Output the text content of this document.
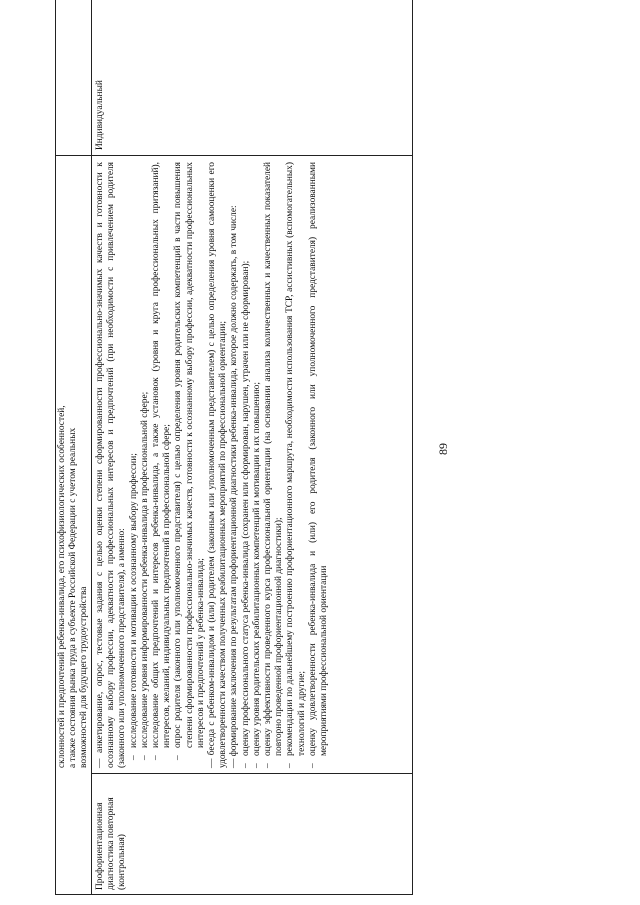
89

склонностей и предпочтений ребенка-инвалида, его психофизиологических особенностей, а также состояния рынка труда в субъекте Российской Федерации с учетом реальных возможностей для будущего трудоустройства

Профориентационная диагностика повторная (контрольная)
Индивидуальный

— анкетирование, опрос, тестовые задания с целью оценки степени сформированности профессионально-значимых качеств и готовности к осознанному выбору профессии, адекватности профессиональных интересов и предпочтений (при необходимости с привлечением родителя (законного или уполномоченного представителя), а именно: –
исследование готовности и мотивации к осознанному выбору профессии;
–
исследование уровня информированности ребенка-инвалида в профессиональной сфере;
–
исследование общих предпочтений и интересов ребенка-инвалида, а также установок (уровня и круга профессиональных притязаний), интересов, желаний, индивидуальных предпочтений в профессиональной сфере;
–
опрос родителя (законного или уполномоченного представителя) с целью определения уровня родительских компетенций в части повышения степени сформированности профессионально-значимых качеств, готовности к осознанному выбору профессии, адекватности профессиональных интересов и предпочтений у ребенка-инвалида; — беседа с ребенком-инвалидом и (или) родителем (законным или уполномоченным представителем) с целью определения уровня самооценки его удовлетворенности качеством полученных реабилитационных мероприятий по профессиональной ориентации; — формирование заключения по результатам профориентационной диагностики ребенка-инвалида, которое должно содержать, в том числе: –
оценку профессионального статуса ребенка-инвалида (сохранен или сформирован, нарушен, утрачен или не сформирован);
–
оценку уровня родительских реабилитационных компетенций и мотивации к их повышению;
–
оценку эффективности проведенного курса профессиональной ориентации (на основании анализа количественных и качественных показателей повторно проведенной профориентационной диагностики);
–
рекомендации по дальнейшему построению профориентационного маршрута, необходимости использования ТСР, ассистивных (вспомогательных) технологий и другие;
–
оценку удовлетворенности ребенка-инвалида и (или) его родителя (законного или уполномоченного представителя) реализованными мероприятиями профессиональной ориентации
